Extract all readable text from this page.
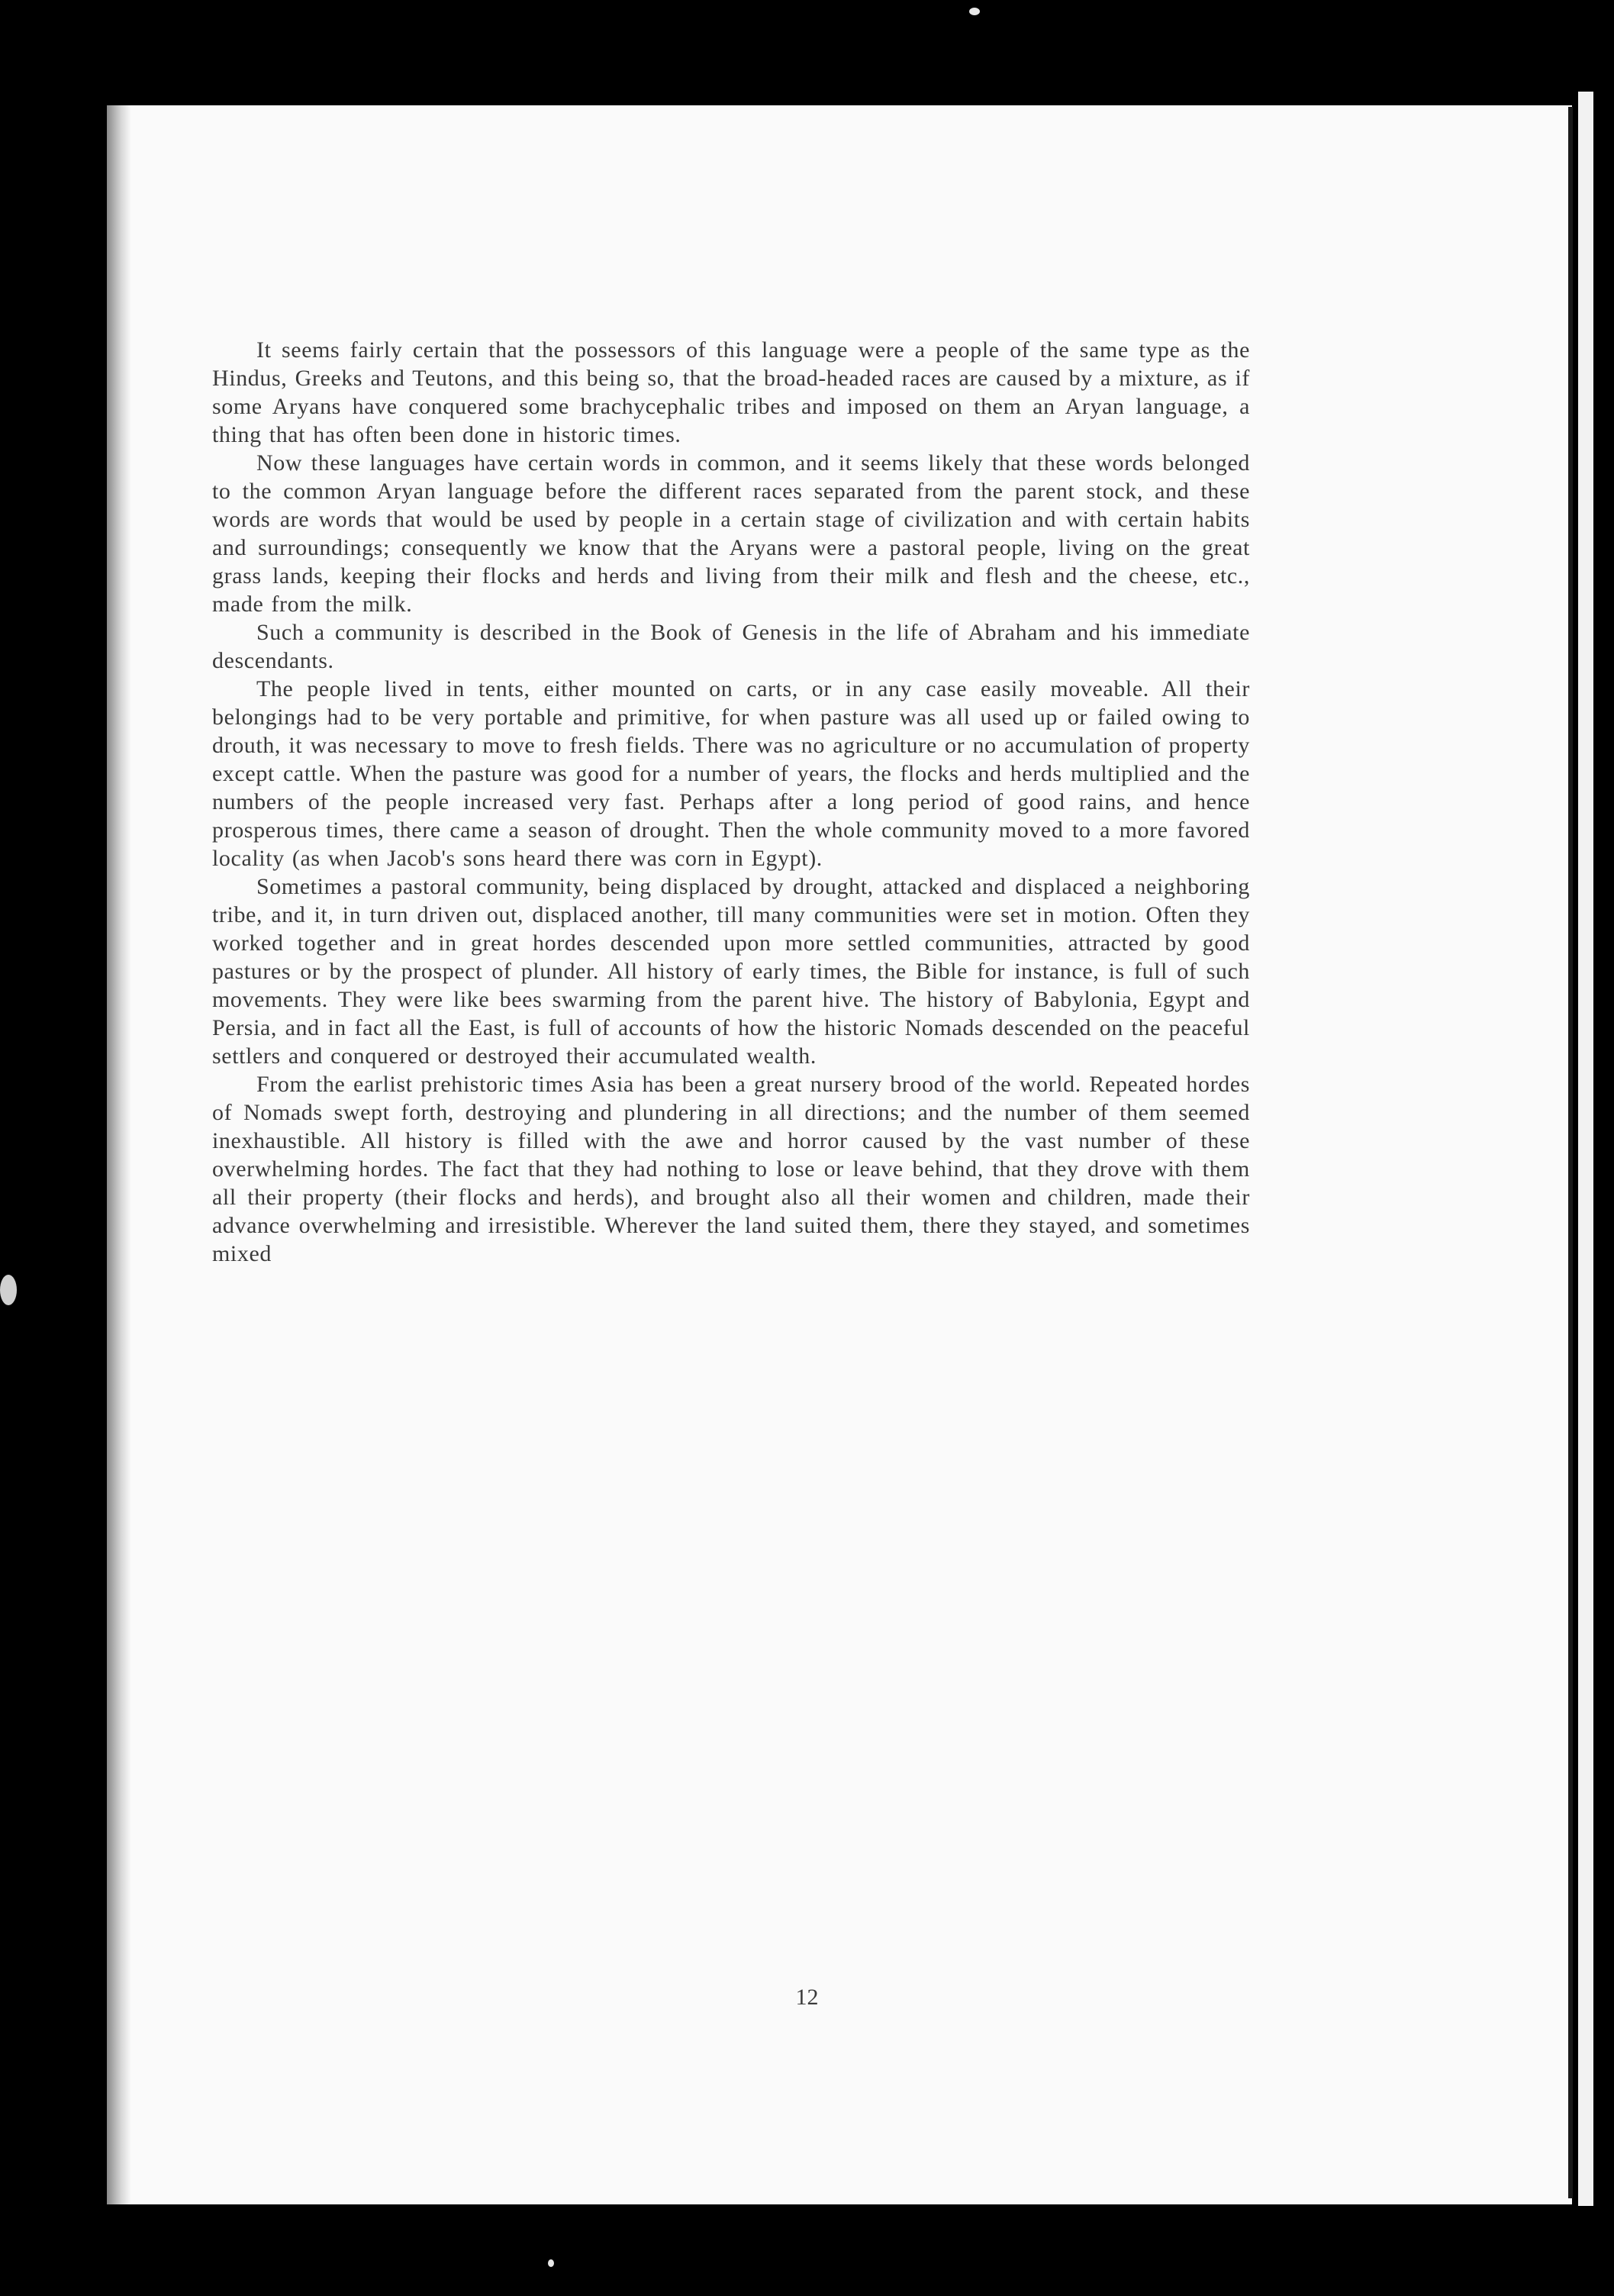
It seems fairly certain that the possessors of this language were a people of the same type as the Hindus, Greeks and Teutons, and this being so, that the broad-headed races are caused by a mixture, as if some Aryans have conquered some brachycephalic tribes and imposed on them an Aryan language, a thing that has often been done in historic times.

Now these languages have certain words in common, and it seems likely that these words belonged to the common Aryan language before the different races separated from the parent stock, and these words are words that would be used by people in a certain stage of civilization and with certain habits and surroundings; consequently we know that the Aryans were a pastoral people, living on the great grass lands, keeping their flocks and herds and living from their milk and flesh and the cheese, etc., made from the milk.

Such a community is described in the Book of Genesis in the life of Abraham and his immediate descendants.

The people lived in tents, either mounted on carts, or in any case easily moveable. All their belongings had to be very portable and primitive, for when pasture was all used up or failed owing to drouth, it was necessary to move to fresh fields. There was no agriculture or no accumulation of property except cattle. When the pasture was good for a number of years, the flocks and herds multiplied and the numbers of the people increased very fast. Perhaps after a long period of good rains, and hence prosperous times, there came a season of drought. Then the whole community moved to a more favored locality (as when Jacob's sons heard there was corn in Egypt).

Sometimes a pastoral community, being displaced by drought, attacked and displaced a neighboring tribe, and it, in turn driven out, displaced another, till many communities were set in motion. Often they worked together and in great hordes descended upon more settled communities, attracted by good pastures or by the prospect of plunder. All history of early times, the Bible for instance, is full of such movements. They were like bees swarming from the parent hive. The history of Babylonia, Egypt and Persia, and in fact all the East, is full of accounts of how the historic Nomads descended on the peaceful settlers and conquered or destroyed their accumulated wealth.

From the earlist prehistoric times Asia has been a great nursery brood of the world. Repeated hordes of Nomads swept forth, destroying and plundering in all directions; and the number of them seemed inexhaustible. All history is filled with the awe and horror caused by the vast number of these overwhelming hordes. The fact that they had nothing to lose or leave behind, that they drove with them all their property (their flocks and herds), and brought also all their women and children, made their advance overwhelming and irresistible. Wherever the land suited them, there they stayed, and sometimes mixed

12
